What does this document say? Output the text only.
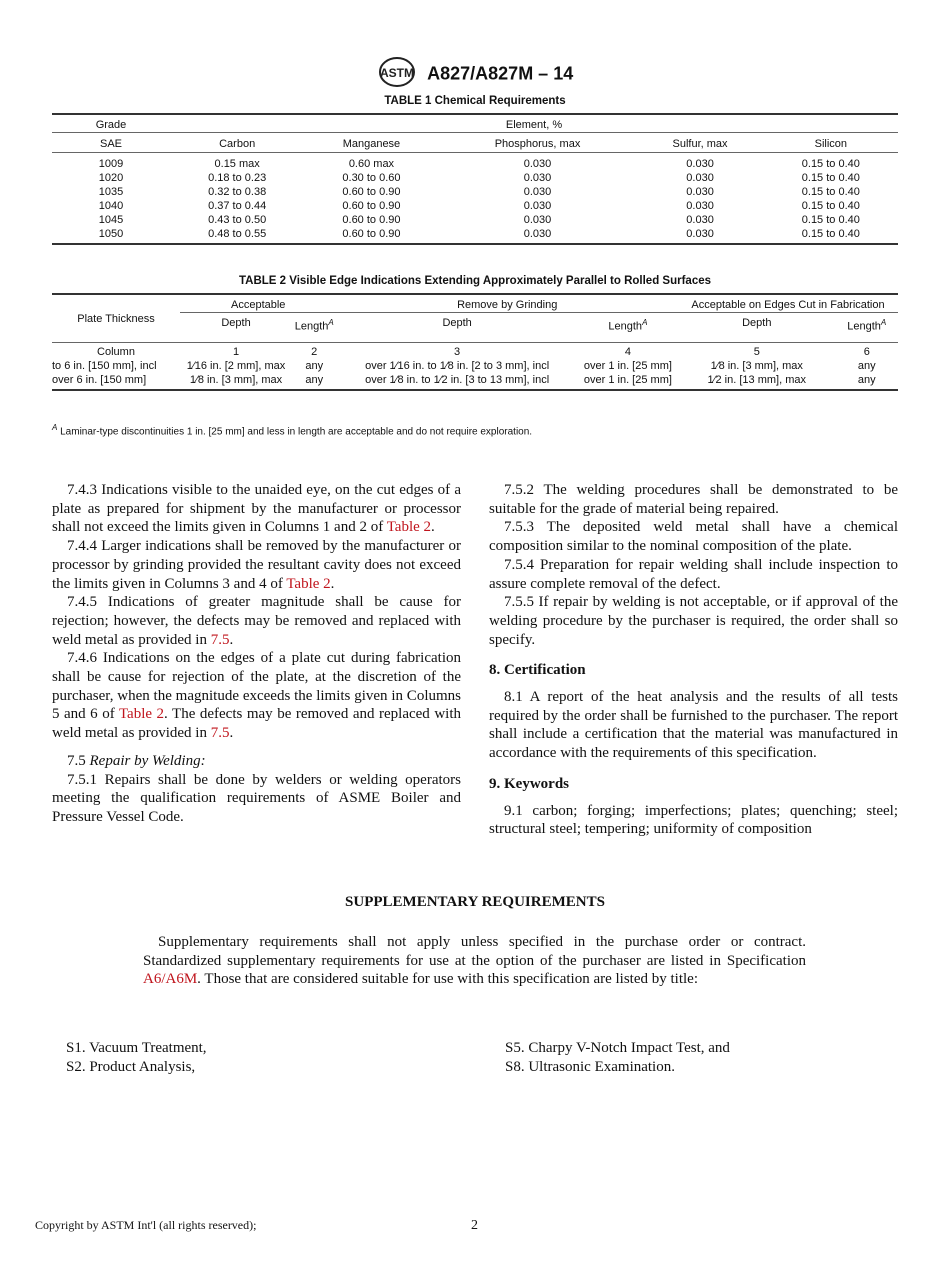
ASTM A827/A827M – 14
TABLE 1 Chemical Requirements
Grade	Element, %				
SAE	Carbon	Manganese	Phosphorus, max	Sulfur, max	Silicon
1009	0.15 max	0.60 max	0.030	0.030	0.15 to 0.40
1020	0.18 to 0.23	0.30 to 0.60	0.030	0.030	0.15 to 0.40
1035	0.32 to 0.38	0.60 to 0.90	0.030	0.030	0.15 to 0.40
1040	0.37 to 0.44	0.60 to 0.90	0.030	0.030	0.15 to 0.40
1045	0.43 to 0.50	0.60 to 0.90	0.030	0.030	0.15 to 0.40
1050	0.48 to 0.55	0.60 to 0.90	0.030	0.030	0.15 to 0.40
TABLE 2 Visible Edge Indications Extending Approximately Parallel to Rolled Surfaces
Plate Thickness	Acceptable		Remove by Grinding		Acceptable on Edges Cut in Fabrication	
	Depth	Length$^A$	Depth	Length$^A$	Depth	Length$^A$
Column	1	2	3	4	5	6
to 6 in. [150 mm], incl	1⁄16 in. [2 mm], max	any	over 1⁄16 in. to 1⁄8 in. [2 to 3 mm], incl	over 1 in. [25 mm]	1⁄8 in. [3 mm], max	any
over 6 in. [150 mm]	1⁄8 in. [3 mm], max	any	over 1⁄8 in. to 1⁄2 in. [3 to 13 mm], incl	over 1 in. [25 mm]	1⁄2 in. [13 mm], max	any
$^A$ Laminar-type discontinuities 1 in. [25 mm] and less in length are acceptable and do not require exploration.

7.4.3 Indications visible to the unaided eye, on the cut edges of a plate as prepared for shipment by the manufacturer or processor shall not exceed the limits given in Columns 1 and 2 of Table 2.

7.4.4 Larger indications shall be removed by the manufacturer or processor by grinding provided the resultant cavity does not exceed the limits given in Columns 3 and 4 of Table 2.

7.4.5 Indications of greater magnitude shall be cause for rejection; however, the defects may be removed and replaced with weld metal as provided in 7.5.

7.4.6 Indications on the edges of a plate cut during fabrication shall be cause for rejection of the plate, at the discretion of the purchaser, when the magnitude exceeds the limits given in Columns 5 and 6 of Table 2. The defects may be removed and replaced with weld metal as provided in 7.5.

7.5 Repair by Welding:

7.5.1 Repairs shall be done by welders or welding operators meeting the qualification requirements of ASME Boiler and Pressure Vessel Code.

7.5.2 The welding procedures shall be demonstrated to be suitable for the grade of material being repaired.

7.5.3 The deposited weld metal shall have a chemical composition similar to the nominal composition of the plate.

7.5.4 Preparation for repair welding shall include inspection to assure complete removal of the defect.

7.5.5 If repair by welding is not acceptable, or if approval of the welding procedure by the purchaser is required, the order shall so specify.

8. Certification

8.1 A report of the heat analysis and the results of all tests required by the order shall be furnished to the purchaser. The report shall include a certification that the material was manufactured in accordance with the requirements of this specification.

9. Keywords

9.1 carbon; forging; imperfections; plates; quenching; steel; structural steel; tempering; uniformity of composition

SUPPLEMENTARY REQUIREMENTS

Supplementary requirements shall not apply unless specified in the purchase order or contract. Standardized supplementary requirements for use at the option of the purchaser are listed in Specification A6/A6M. Those that are considered suitable for use with this specification are listed by title:

S1. Vacuum Treatment,
S2. Product Analysis,
S5. Charpy V-Notch Impact Test, and
S8. Ultrasonic Examination.
Copyright by ASTM Int'l (all rights reserved);	2
